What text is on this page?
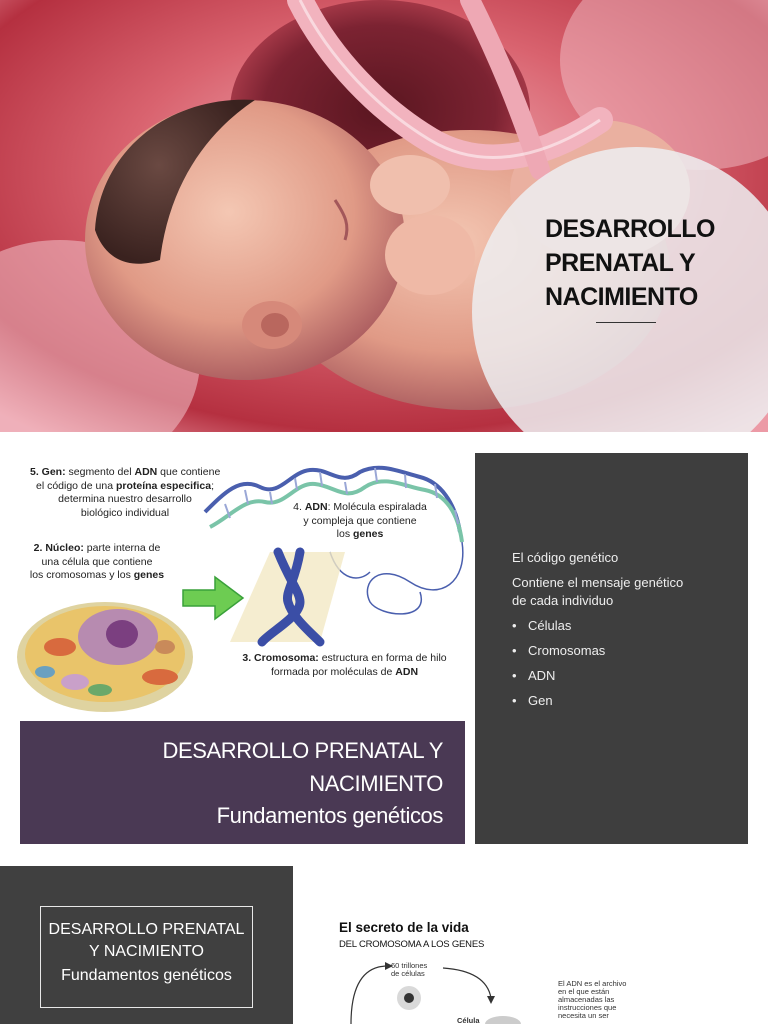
DESARROLLO
PRENATAL Y
NACIMIENTO
5. Gen: segmento del ADN que contiene
el código de una proteína especifica;
determina nuestro desarrollo
biológico individual
2. Núcleo: parte interna de
una célula que contiene
los cromosomas y los genes
4. ADN: Molécula espiralada
y compleja que contiene
los genes
3. Cromosoma: estructura en forma de hilo
formada por moléculas de ADN
DESARROLLO PRENATAL Y
NACIMIENTO
Fundamentos genéticos
El código genético
Contiene el mensaje genético
de cada individuo
• Células
• Cromosomas
• ADN
• Gen
DESARROLLO PRENATAL
Y NACIMIENTO
Fundamentos genéticos
El secreto de la vida
DEL CROMOSOMA A LOS GENES
60 trillones
de células
Célula
El ADN es el archivo
en el que están
almacenadas las
instrucciones que
necesita un ser
